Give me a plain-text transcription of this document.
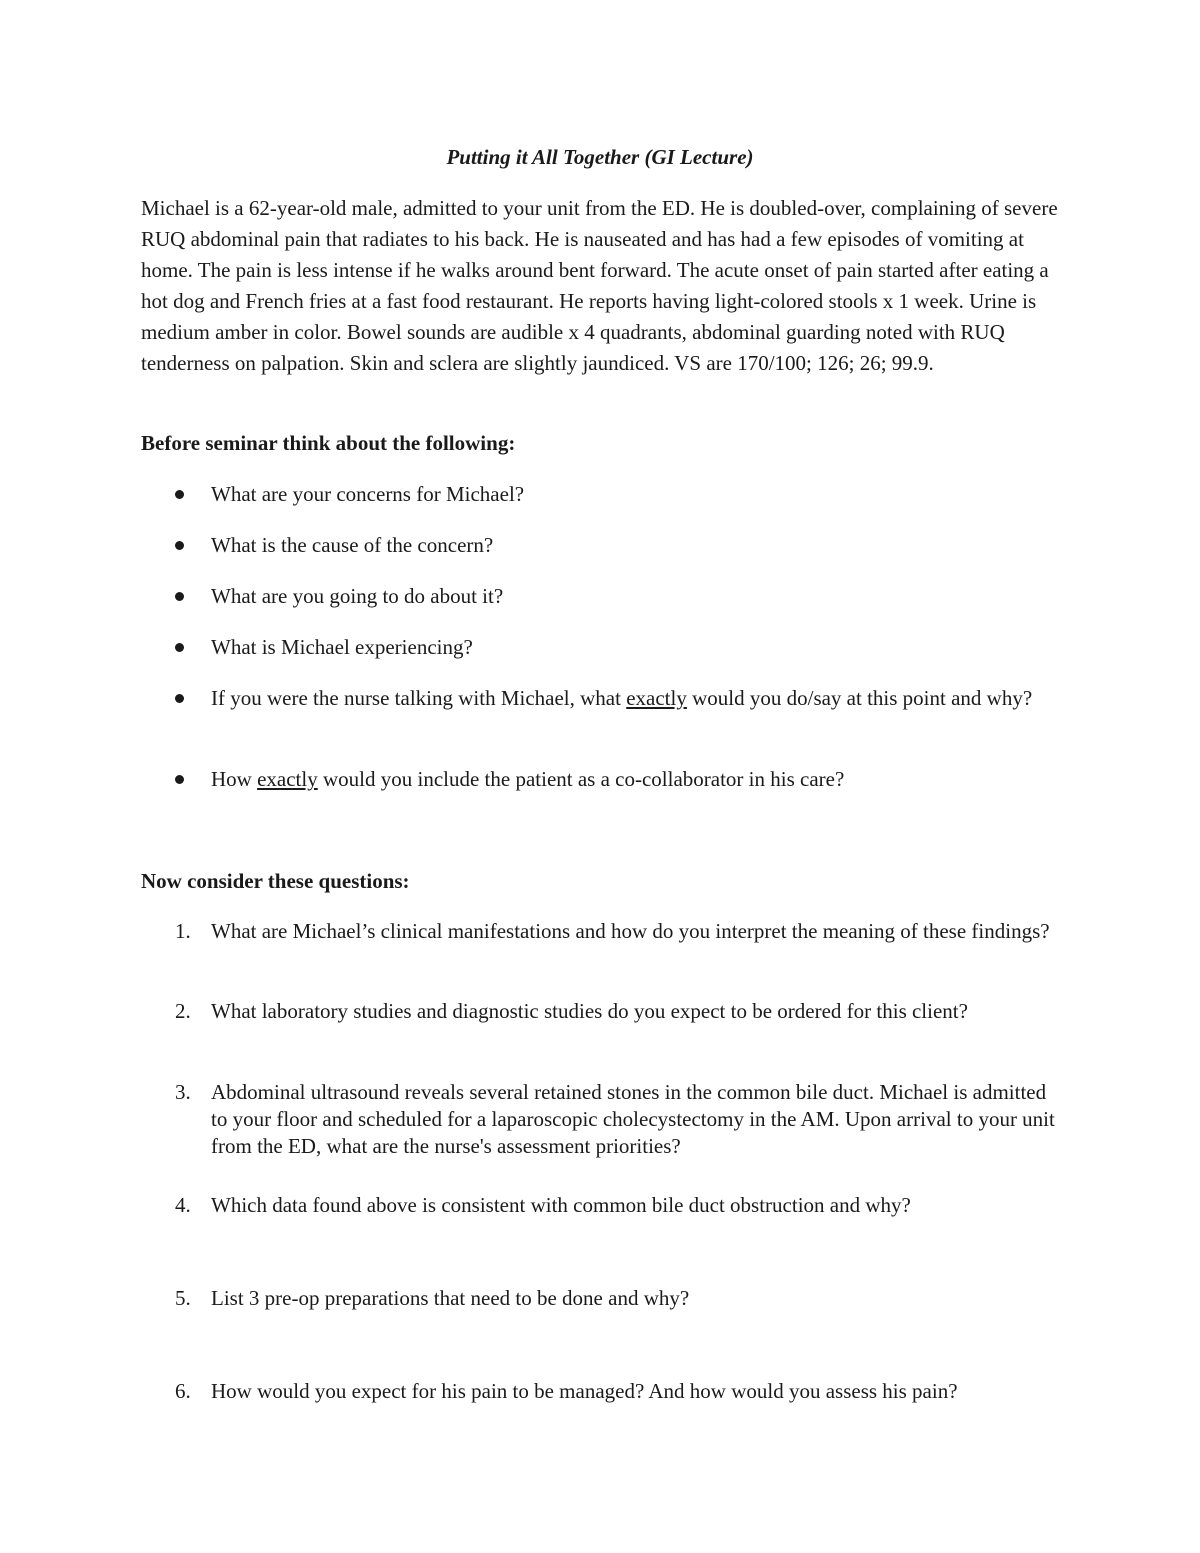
Putting it All Together (GI Lecture)

Michael is a 62-year-old male, admitted to your unit from the ED. He is doubled-over, complaining of severe RUQ abdominal pain that radiates to his back. He is nauseated and has had a few episodes of vomiting at home. The pain is less intense if he walks around bent forward. The acute onset of pain started after eating a hot dog and French fries at a fast food restaurant. He reports having light-colored stools x 1 week. Urine is medium amber in color. Bowel sounds are audible x 4 quadrants, abdominal guarding noted with RUQ tenderness on palpation. Skin and sclera are slightly jaundiced. VS are 170/100; 126; 26; 99.9.

Before seminar think about the following:

What are your concerns for Michael?

What is the cause of the concern?

What are you going to do about it?

What is Michael experiencing?

If you were the nurse talking with Michael, what exactly would you do/say at this point and why?

How exactly would you include the patient as a co-collaborator in his care?

Now consider these questions:

1. What are Michael’s clinical manifestations and how do you interpret the meaning of these findings?

2. What laboratory studies and diagnostic studies do you expect to be ordered for this client?

3. Abdominal ultrasound reveals several retained stones in the common bile duct. Michael is admitted to your floor and scheduled for a laparoscopic cholecystectomy in the AM. Upon arrival to your unit from the ED, what are the nurse's assessment priorities?

4. Which data found above is consistent with common bile duct obstruction and why?

5. List 3 pre-op preparations that need to be done and why?

6. How would you expect for his pain to be managed? And how would you assess his pain?
